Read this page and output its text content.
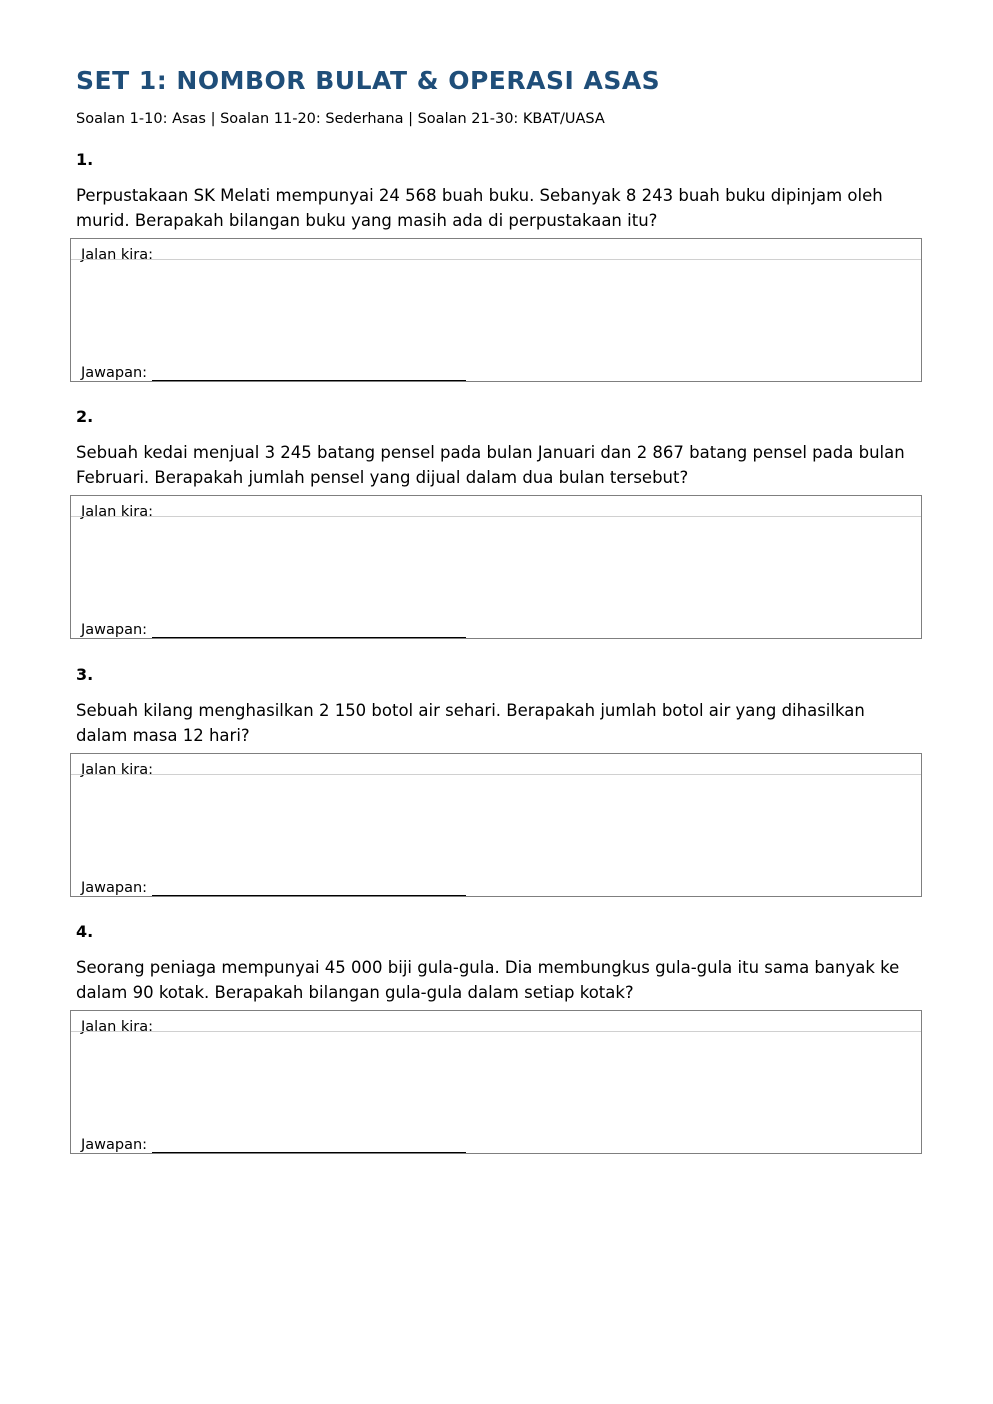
SET 1: NOMBOR BULAT & OPERASI ASAS
Soalan 1-10: Asas | Soalan 11-20: Sederhana | Soalan 21-30: KBAT/UASA
1.
Perpustakaan SK Melati mempunyai 24 568 buah buku. Sebanyak 8 243 buah buku dipinjam oleh murid. Berapakah bilangan buku yang masih ada di perpustakaan itu?
Jalan kira:
Jawapan:
2.
Sebuah kedai menjual 3 245 batang pensel pada bulan Januari dan 2 867 batang pensel pada bulan Februari. Berapakah jumlah pensel yang dijual dalam dua bulan tersebut?
Jalan kira:
Jawapan:
3.
Sebuah kilang menghasilkan 2 150 botol air sehari. Berapakah jumlah botol air yang dihasilkan dalam masa 12 hari?
Jalan kira:
Jawapan:
4.
Seorang peniaga mempunyai 45 000 biji gula-gula. Dia membungkus gula-gula itu sama banyak ke dalam 90 kotak. Berapakah bilangan gula-gula dalam setiap kotak?
Jalan kira:
Jawapan:
